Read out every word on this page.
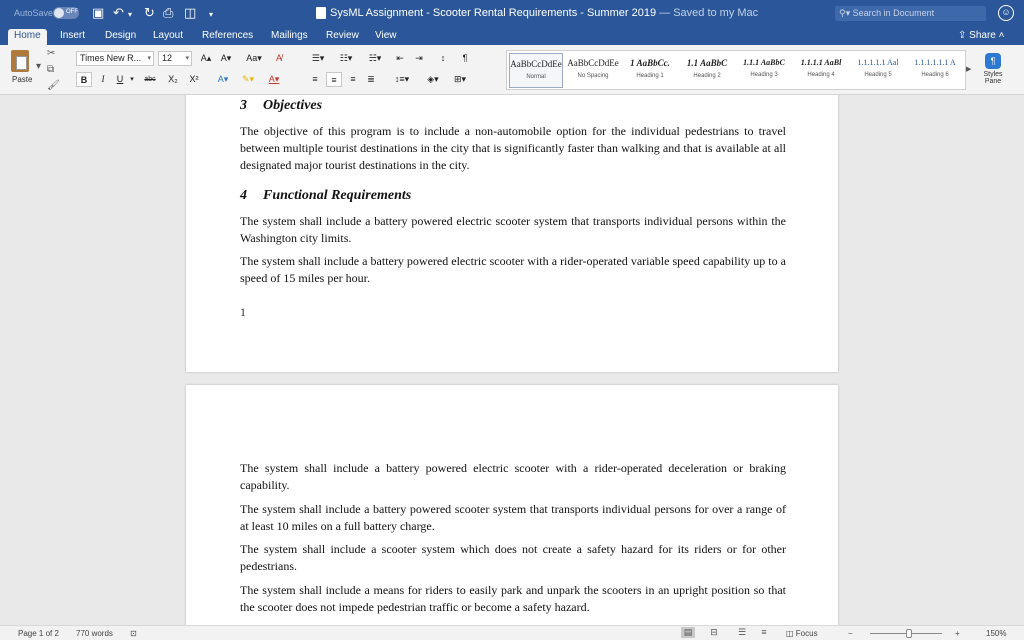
AutoSave OFF ▣ ↶ ▾ ↻ ⎙ ◫ ▾	SysML Assignment - Scooter Rental Requirements - Summer 2019 — Saved to my Mac	⚲▾ Search in Document	☺
Home	Insert	Design	Layout	References	Mailings	Review	View	⇪ Share ˄
Paste
▾
✂
⧉
🖌
Times New R... ▾	12 ▾	A▴	A▾	Aa▾	A̸
B	I	U ▾	abc	X₂	X²	A▾	✎▾	A▾
☰▾	☷▾	☵▾	⇤	⇥	↕	¶
≡	≡	≡	≣	↕≡▾	◈▾	⊞▾
AaBbCcDdEe
Normal
AaBbCcDdEe
No Spacing
1 AaBbCc.
Heading 1
1.1 AaBbC
Heading 2
1.1.1 AaBbC
Heading 3
1.1.1.1 AaBl
Heading 4
1.1.1.1.1 Aal
Heading 5
1.1.1.1.1.1 A
Heading 6
▶
¶
Styles Pane
3 Objectives
The objective of this program is to include a non-automobile option for the individual pedestrians to travel between multiple tourist destinations in the city that is significantly faster than walking and that is available at all designated major tourist destinations in the city.
4 Functional Requirements
The system shall include a battery powered electric scooter system that transports individual persons within the Washington city limits.
The system shall include a battery powered electric scooter with a rider-operated variable speed capability up to a speed of 15 miles per hour.
1
The system shall include a battery powered electric scooter with a rider-operated deceleration or braking capability.
The system shall include a battery powered scooter system that transports individual persons for over a range of at least 10 miles on a full battery charge.
The system shall include a scooter system which does not create a safety hazard for its riders or for other pedestrians.
The system shall include a means for riders to easily park and unpark the scooters in an upright position so that the scooter does not impede pedestrian traffic or become a safety hazard.
Page 1 of 2 770 words ⊡	▤	⊟	☰	≡	◫ Focus	−	+	150%
